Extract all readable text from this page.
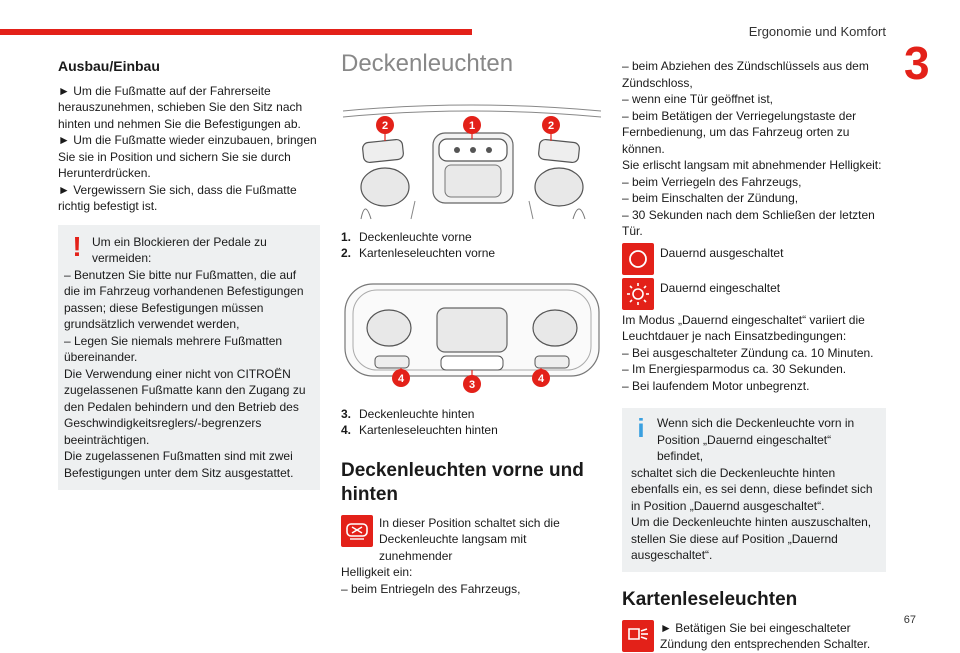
Ergonomie und Komfort
3
67
Ausbau/Einbau
► Um die Fußmatte auf der Fahrerseite herauszunehmen, schieben Sie den Sitz nach hinten und nehmen Sie die Befestigungen ab.
► Um die Fußmatte wieder einzubauen, bringen Sie sie in Position und sichern Sie sie durch Herunterdrücken.
► Vergewissern Sie sich, dass die Fußmatte richtig befestigt ist.
! Um ein Blockieren der Pedale zu vermeiden:
– Benutzen Sie bitte nur Fußmatten, die auf die im Fahrzeug vorhandenen Befestigungen passen; diese Befestigungen müssen grundsätzlich verwendet werden,
– Legen Sie niemals mehrere Fußmatten übereinander.
Die Verwendung einer nicht von CITROËN zugelassenen Fußmatte kann den Zugang zu den Pedalen behindern und den Betrieb des Geschwindigkeitsreglers/-begrenzers beeinträchtigen.
Die zugelassenen Fußmatten sind mit zwei Befestigungen unter dem Sitz ausgestattet.
Deckenleuchten
1
2	2
1. Deckenleuchte vorne
2. Kartenleseleuchten vorne
3
4	4
3. Deckenleuchte hinten
4. Kartenleseleuchten hinten
Deckenleuchten vorne und hinten
In dieser Position schaltet sich die Deckenleuchte langsam mit zunehmender
Helligkeit ein:
– beim Entriegeln des Fahrzeugs,
– beim Abziehen des Zündschlüssels aus dem Zündschloss,
– wenn eine Tür geöffnet ist,
– beim Betätigen der Verriegelungstaste der Fernbedienung, um das Fahrzeug orten zu können.
Sie erlischt langsam mit abnehmender Helligkeit:
– beim Verriegeln des Fahrzeugs,
– beim Einschalten der Zündung,
– 30 Sekunden nach dem Schließen der letzten Tür.
Dauernd ausgeschaltet
Dauernd eingeschaltet
Im Modus „Dauernd eingeschaltet“ variiert die Leuchtdauer je nach Einsatzbedingungen:
– Bei ausgeschalteter Zündung ca. 10 Minuten.
– Im Energiesparmodus ca. 30 Sekunden.
– Bei laufendem Motor unbegrenzt.
i	Wenn sich die Deckenleuchte vorn in Position „Dauernd eingeschaltet“ befindet,
schaltet sich die Deckenleuchte hinten ebenfalls ein, es sei denn, diese befindet sich in Position „Dauernd ausgeschaltet“.
Um die Deckenleuchte hinten auszuschalten, stellen Sie diese auf Position „Dauernd ausgeschaltet“.
Kartenleseleuchten
► Betätigen Sie bei eingeschalteter Zündung den entsprechenden Schalter.
